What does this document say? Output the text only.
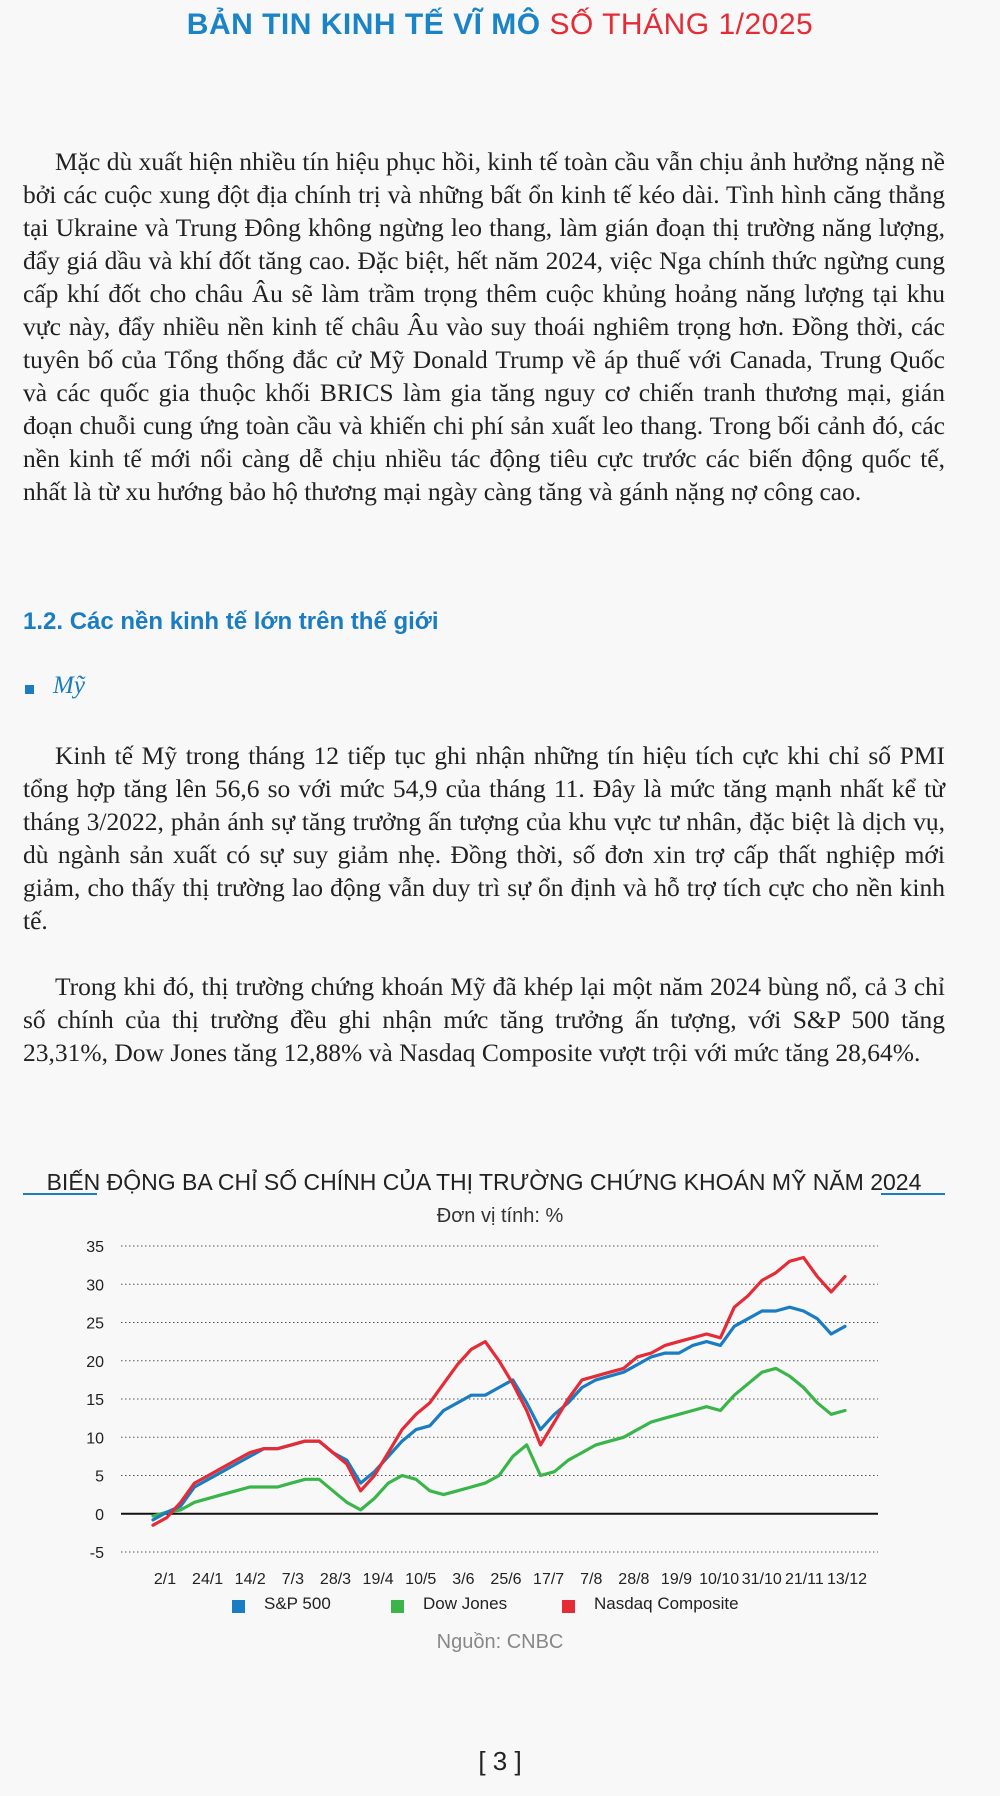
BẢN TIN KINH TẾ VĨ MÔ SỐ THÁNG 1/2025

Mặc dù xuất hiện nhiều tín hiệu phục hồi, kinh tế toàn cầu vẫn chịu ảnh hưởng nặng nề bởi các cuộc xung đột địa chính trị và những bất ổn kinh tế kéo dài. Tình hình căng thẳng tại Ukraine và Trung Đông không ngừng leo thang, làm gián đoạn thị trường năng lượng, đẩy giá dầu và khí đốt tăng cao. Đặc biệt, hết năm 2024, việc Nga chính thức ngừng cung cấp khí đốt cho châu Âu sẽ làm trầm trọng thêm cuộc khủng hoảng năng lượng tại khu vực này, đẩy nhiều nền kinh tế châu Âu vào suy thoái nghiêm trọng hơn. Đồng thời, các tuyên bố của Tổng thống đắc cử Mỹ Donald Trump về áp thuế với Canada, Trung Quốc và các quốc gia thuộc khối BRICS làm gia tăng nguy cơ chiến tranh thương mại, gián đoạn chuỗi cung ứng toàn cầu và khiến chi phí sản xuất leo thang. Trong bối cảnh đó, các nền kinh tế mới nổi càng dễ chịu nhiều tác động tiêu cực trước các biến động quốc tế, nhất là từ xu hướng bảo hộ thương mại ngày càng tăng và gánh nặng nợ công cao.

1.2. Các nền kinh tế lớn trên thế giới
Mỹ

Kinh tế Mỹ trong tháng 12 tiếp tục ghi nhận những tín hiệu tích cực khi chỉ số PMI tổng hợp tăng lên 56,6 so với mức 54,9 của tháng 11. Đây là mức tăng mạnh nhất kể từ tháng 3/2022, phản ánh sự tăng trưởng ấn tượng của khu vực tư nhân, đặc biệt là dịch vụ, dù ngành sản xuất có sự suy giảm nhẹ. Đồng thời, số đơn xin trợ cấp thất nghiệp mới giảm, cho thấy thị trường lao động vẫn duy trì sự ổn định và hỗ trợ tích cực cho nền kinh tế.

Trong khi đó, thị trường chứng khoán Mỹ đã khép lại một năm 2024 bùng nổ, cả 3 chỉ số chính của thị trường đều ghi nhận mức tăng trưởng ấn tượng, với S&P 500 tăng 23,31%, Dow Jones tăng 12,88% và Nasdaq Composite vượt trội với mức tăng 28,64%.

BIẾN ĐỘNG BA CHỈ SỐ CHÍNH CỦA THỊ TRƯỜNG CHỨNG KHOÁN MỸ NĂM 2024
Đơn vị tính: %
-5
0
5
10
15
20
25
30
35
2/1 24/1 14/2 7/3 28/3 19/4 10/5 3/6 25/6 17/7 7/8 28/8 19/9 10/10 31/10 21/11 13/12
S&P 500	Dow Jones	Nasdaq Composite
Nguồn: CNBC
[ 3 ]
